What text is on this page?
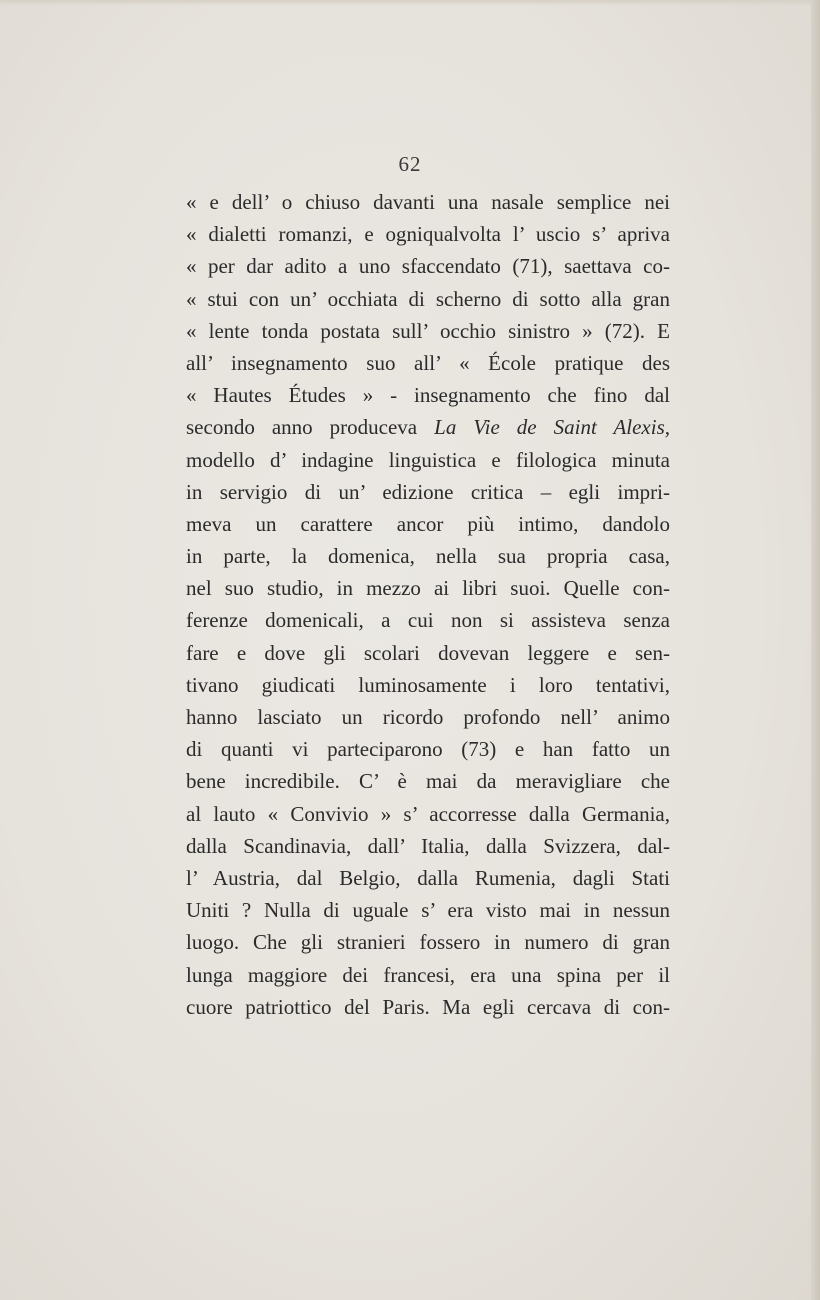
62
« e dell’ o chiuso davanti una nasale semplice nei
« dialetti romanzi, e ogniqualvolta l’ uscio s’ apriva
« per dar adito a uno sfaccendato (71), saettava co-
« stui con un’ occhiata di scherno di sotto alla gran
« lente tonda postata sull’ occhio sinistro » (72). E
all’ insegnamento suo all’ « École pratique des
« Hautes Études » - insegnamento che fino dal
secondo anno produceva La Vie de Saint Alexis,
modello d’ indagine linguistica e filologica minuta
in servigio di un’ edizione critica – egli impri-
meva un carattere ancor più intimo, dandolo
in parte, la domenica, nella sua propria casa,
nel suo studio, in mezzo ai libri suoi. Quelle con-
ferenze domenicali, a cui non si assisteva senza
fare e dove gli scolari dovevan leggere e sen-
tivano giudicati luminosamente i loro tentativi,
hanno lasciato un ricordo profondo nell’ animo
di quanti vi parteciparono (73) e han fatto un
bene incredibile. C’ è mai da meravigliare che
al lauto « Convivio » s’ accorresse dalla Germania,
dalla Scandinavia, dall’ Italia, dalla Svizzera, dal-
l’ Austria, dal Belgio, dalla Rumenia, dagli Stati
Uniti ? Nulla di uguale s’ era visto mai in nessun
luogo. Che gli stranieri fossero in numero di gran
lunga maggiore dei francesi, era una spina per il
cuore patriottico del Paris. Ma egli cercava di con-
